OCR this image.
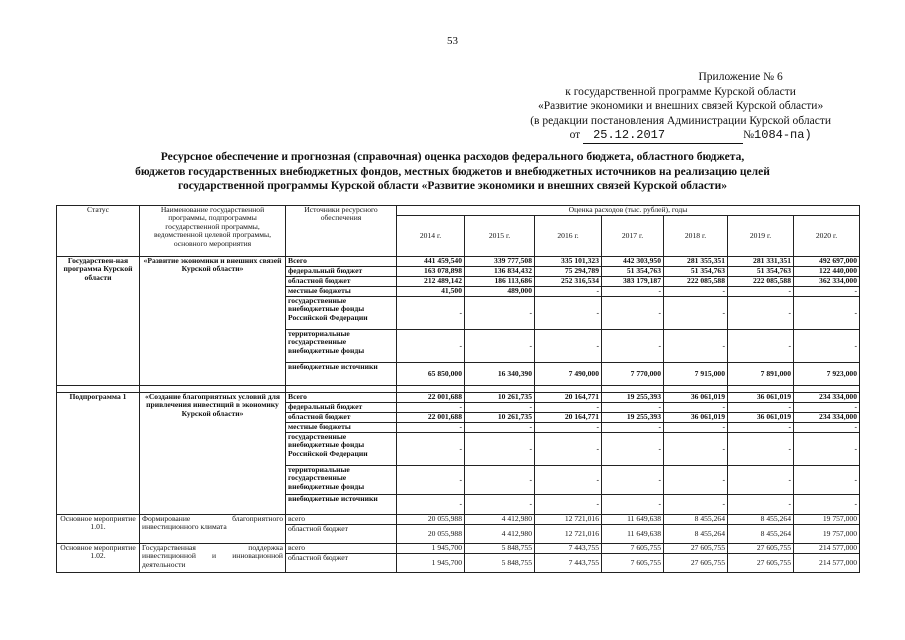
53
Приложение № 6
к государственной программе Курской области
«Развитие экономики и внешних связей Курской области»
(в редакции постановления Администрации Курской области
от 25.12.2017	№1084-па)
Ресурсное обеспечение и прогнозная (справочная) оценка расходов федерального бюджета, областного бюджета,
бюджетов государственных внебюджетных фондов, местных бюджетов и внебюджетных источников на реализацию целей
государственной программы Курской области «Развитие экономики и внешних связей Курской области»
Статус	Наименование государственной программы, подпрограммы государственной программы, ведомственной целевой программы, основного мероприятия	Источники ресурсного обеспечения	Оценка расходов (тыс. рублей), годы						
			2014 г.	2015 г.	2016 г.	2017 г.	2018 г.	2019 г.	2020 г.
Государствен-ная программа Курской области	«Развитие экономики и внешних связей Курской области»	Всего	441 459,540	339 777,508	335 101,323	442 303,950	281 355,351	281 331,351	492 697,000
		федеральный бюджет	163 078,898	136 834,432	75 294,789	51 354,763	51 354,763	51 354,763	122 440,000
		областной бюджет	212 489,142	186 113,686	252 316,534	383 179,187	222 085,588	222 085,588	362 334,000
		местные бюджеты	41,500	489,000	-	-	-	-	-
		государственные внебюджетные фонды Российской Федерации	-	-	-	-	-	-	-
		территориальные государственные внебюджетные фонды	-	-	-	-	-	-	-
		внебюджетные источники	65 850,000	16 340,390	7 490,000	7 770,000	7 915,000	7 891,000	7 923,000

Подпрограмма 1	«Создание благоприятных условий для привлечения инвестиций в экономику Курской области»	Всего	22 001,688	10 261,735	20 164,771	19 255,393	36 061,019	36 061,019	234 334,000
		федеральный бюджет	-	-	-	-	-	-	-
		областной бюджет	22 001,688	10 261,735	20 164,771	19 255,393	36 061,019	36 061,019	234 334,000
		местные бюджеты	-	-	-	-	-	-	-
		государственные внебюджетные фонды Российской Федерации	-	-	-	-	-	-	-
		территориальные государственные внебюджетные фонды	-	-	-	-	-	-	-
		внебюджетные источники	-	-	-	-	-	-	-
Основное мероприятие 1.01.	Формирование благоприятного инвестиционного климата	всего	20 055,988	4 412,980	12 721,016	11 649,638	8 455,264	8 455,264	19 757,000
		областной бюджет	20 055,988	4 412,980	12 721,016	11 649,638	8 455,264	8 455,264	19 757,000
Основное мероприятие 1.02.	Государственная поддержка инвестиционной и инновационной деятельности	всего	1 945,700	5 848,755	7 443,755	7 605,755	27 605,755	27 605,755	214 577,000
		областной бюджет	1 945,700	5 848,755	7 443,755	7 605,755	27 605,755	27 605,755	214 577,000
